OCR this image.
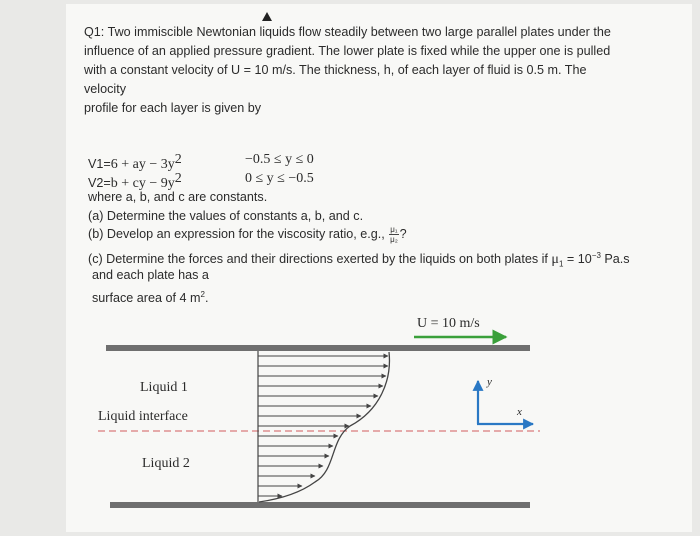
Q1: Two immiscible Newtonian liquids flow steadily between two large parallel plates under the
influence of an applied pressure gradient. The lower plate is fixed while the upper one is pulled
with a constant velocity of U = 10 m/s. The thickness, h, of each layer of fluid is 0.5 m. The
velocity
profile for each layer is given by
V1=6 + ay − $3y^2$	−0.5 ≤ y ≤ 0
V2=b + cy − $9y^2$	0 ≤ y ≤ −0.5
where a, b, and c are constants.
(a) Determine the values of constants a, b, and c.
(b) Develop an expression for the viscosity ratio, e.g., $\frac{\text{μ₁}}{\text{μ₂}}$ ?
(c) Determine the forces and their directions exerted by the liquids on both plates if $\mu_1 = 10^{-3}$ Pa.s
and each plate has a
surface area of 4 $m^2$.
U = 10 m/s
Liquid 1
Liquid interface
Liquid 2
y
x
